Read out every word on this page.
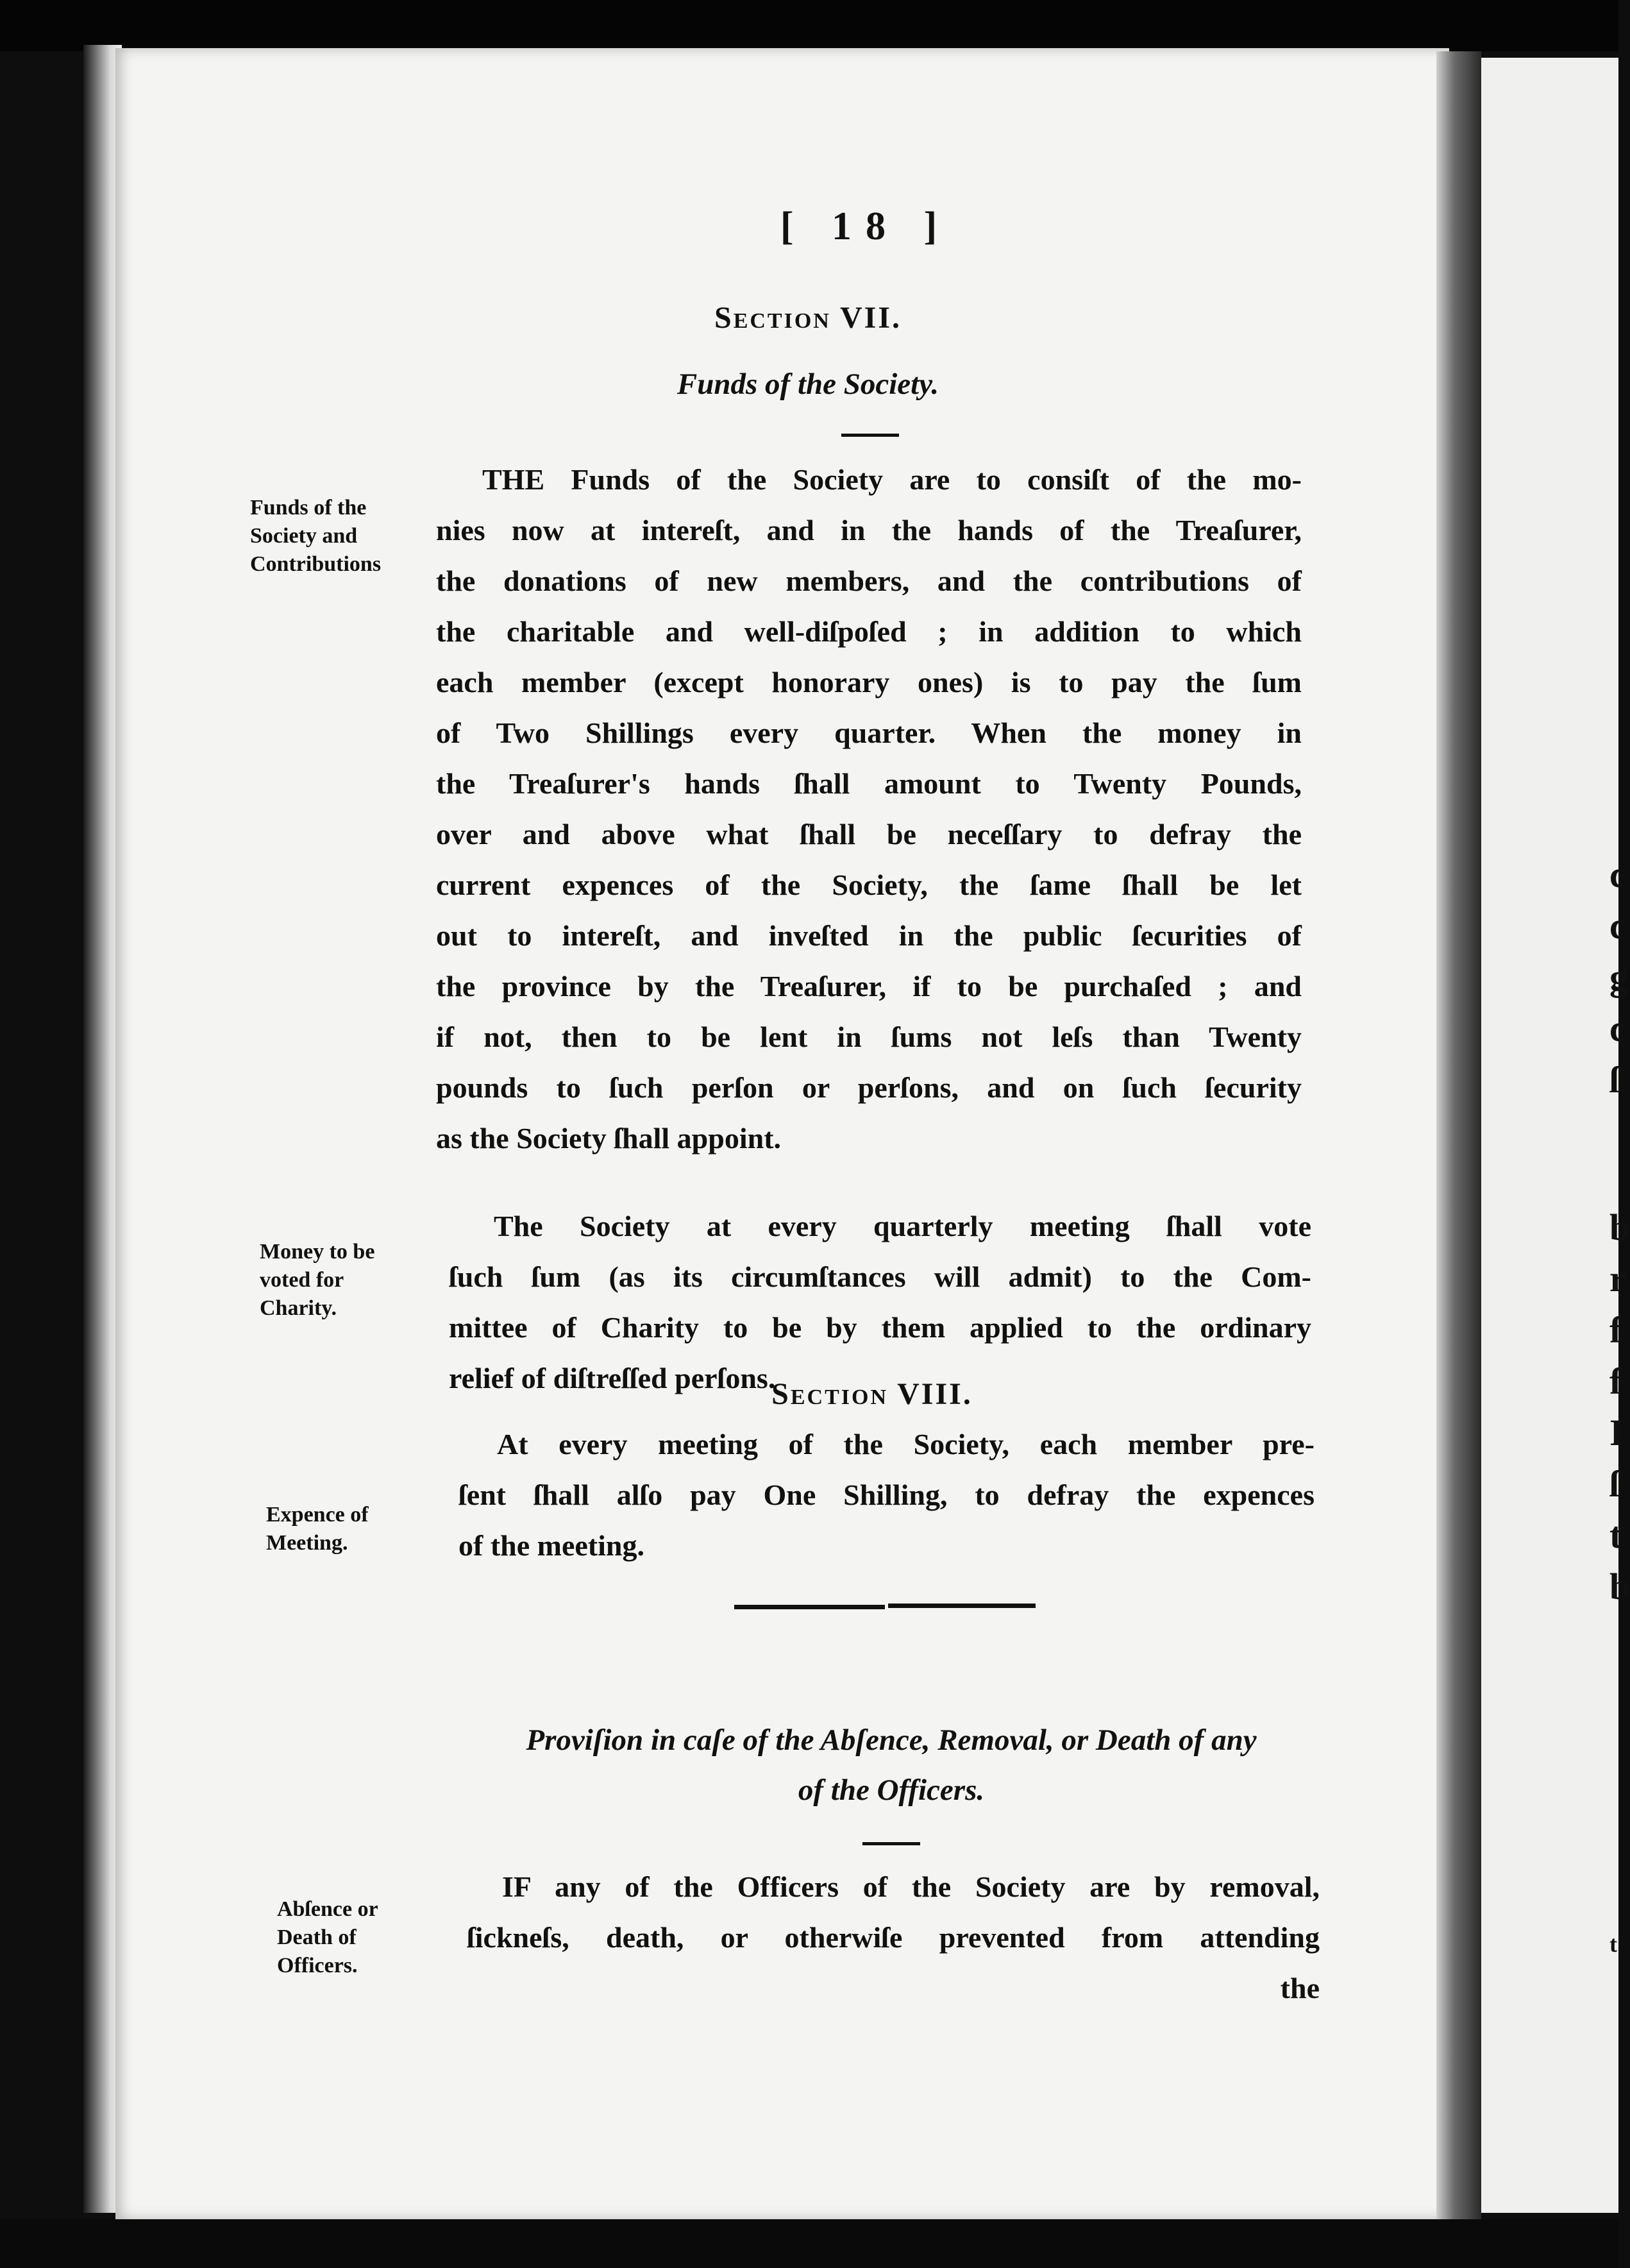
c
c
g
c
ſ
b
r
f
f
I
ſ
t
b
t
[ 18 ]
Section VII.
Funds of the Society.
Funds of the
Society and
Contributions
THE Funds of the Society are to consiſt of the mo-
nies now at intereſt, and in the hands of the Treaſurer,
the donations of new members, and the contributions of
the charitable and well-diſpoſed ; in addition to which
each member (except honorary ones) is to pay the ſum
of Two Shillings every quarter. When the money in
the Treaſurer's hands ſhall amount to Twenty Pounds,
over and above what ſhall be neceſſary to defray the
current expences of the Society, the ſame ſhall be let
out to intereſt, and inveſted in the public ſecurities of
the province by the Treaſurer, if to be purchaſed ; and
if not, then to be lent in ſums not leſs than Twenty
pounds to ſuch perſon or perſons, and on ſuch ſecurity
as the Society ſhall appoint.
Money to be
voted for
Charity.
The Society at every quarterly meeting ſhall vote
ſuch ſum (as its circumſtances will admit) to the Com-
mittee of Charity to be by them applied to the ordinary
relief of diſtreſſed perſons.
Expence of
Meeting.
At every meeting of the Society, each member pre-
ſent ſhall alſo pay One Shilling, to defray the expences
of the meeting.
Section VIII.
Proviſion in caſe of the Abſence, Removal, or Death of any
of the Officers.
Abſence or
Death of
Officers.
IF any of the Officers of the Society are by removal,
ſickneſs, death, or otherwiſe prevented from attending
the
